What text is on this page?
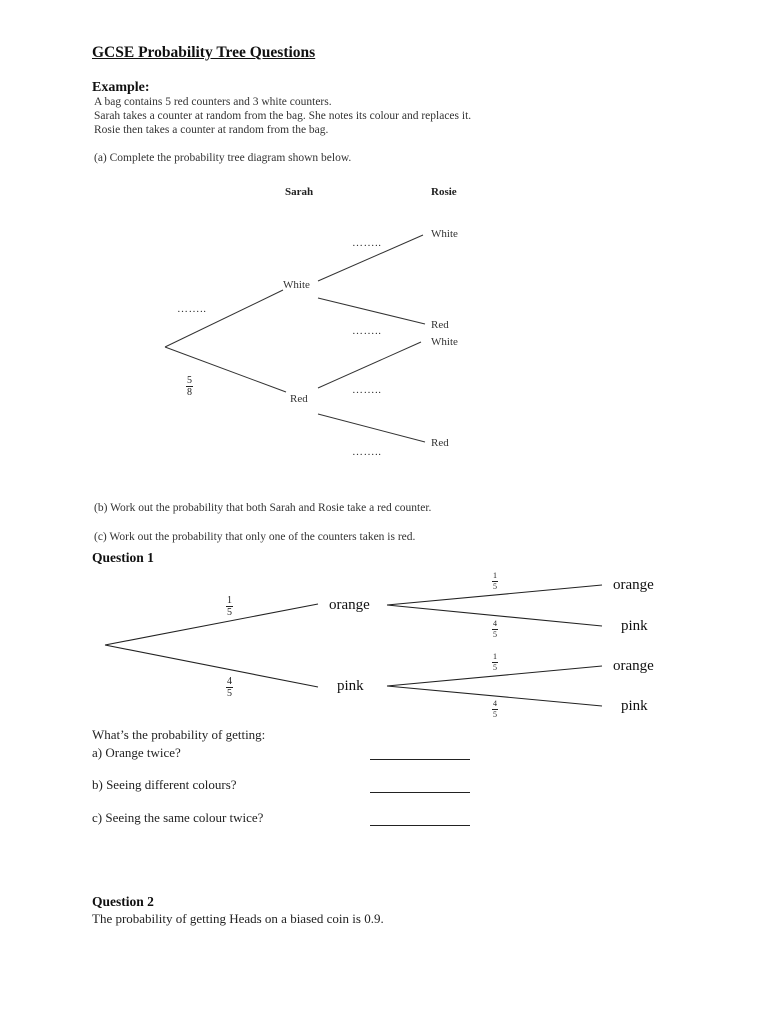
GCSE Probability Tree Questions
Example:
A bag contains 5 red counters and 3 white counters.
Sarah takes a counter at random from the bag. She notes its colour and replaces it.
Rosie then takes a counter at random from the bag.
(a) Complete the probability tree diagram shown below.
Sarah	Rosie
White
Red
White
Red
White
Red
……..
……..
……..
……..
……..
$\frac{5}{8}$
(b) Work out the probability that both Sarah and Rosie take a red counter.
(c) Work out the probability that only one of the counters taken is red.
Question 1
orange
pink
orange
pink
orange
pink
$\frac{1}{5}$
$\frac{4}{5}$
$\frac{1}{5}$
$\frac{4}{5}$
$\frac{1}{5}$
$\frac{4}{5}$
What’s the probability of getting:
a) Orange twice?
b) Seeing different colours?
c) Seeing the same colour twice?
Question 2
The probability of getting Heads on a biased coin is 0.9.
